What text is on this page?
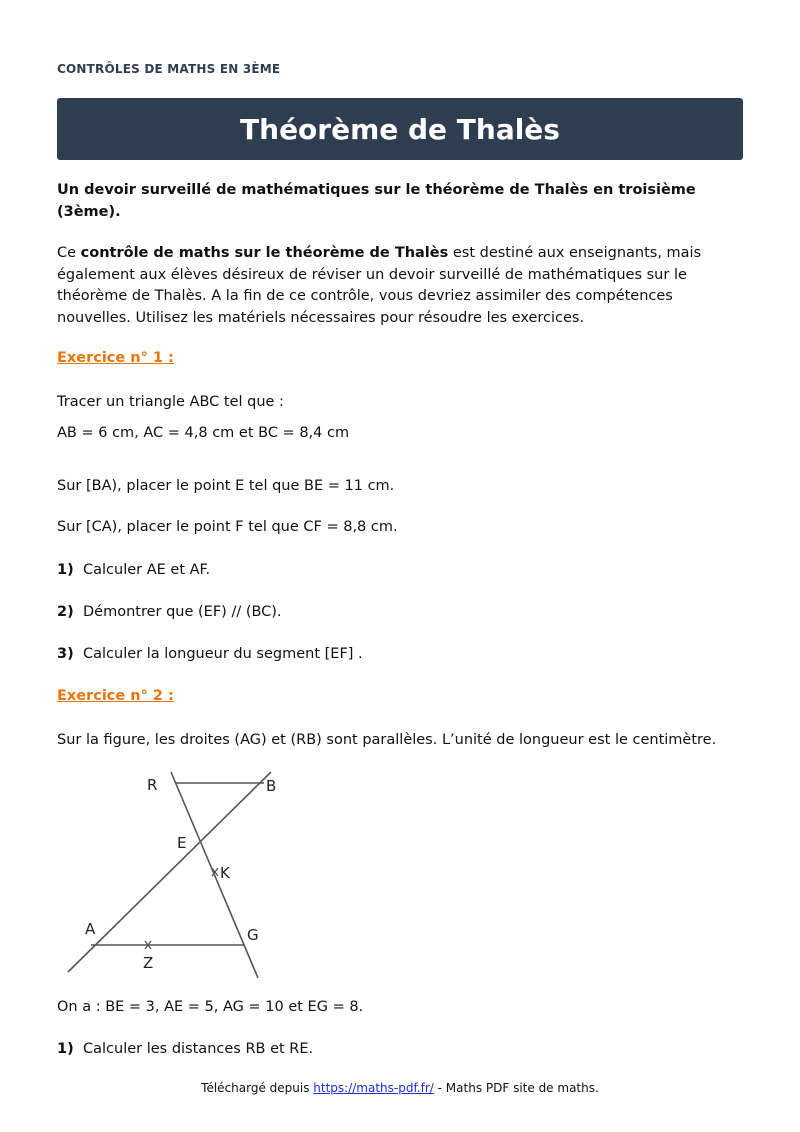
CONTRÔLES DE MATHS EN 3ÈME
Théorème de Thalès

Un devoir surveillé de mathématiques sur le théorème de Thalès en troisième (3ème).

Ce contrôle de maths sur le théorème de Thalès est destiné aux enseignants, mais également aux élèves désireux de réviser un devoir surveillé de mathématiques sur le théorème de Thalès. A la fin de ce contrôle, vous devriez assimiler des compétences nouvelles. Utilisez les matériels nécessaires pour résoudre les exercices.

Exercice n° 1 :

Tracer un triangle ABC tel que :

AB = 6 cm, AC = 4,8 cm et BC = 8,4 cm

Sur [BA), placer le point E tel que BE = 11 cm.

Sur [CA), placer le point F tel que CF = 8,8 cm.

1) Calculer AE et AF.

2) Démontrer que (EF) // (BC).

3) Calculer la longueur du segment [EF] .

Exercice n° 2 :

Sur la figure, les droites (AG) et (RB) sont parallèles. L’unité de longueur est le centimètre.

R	B
E
K
A	G
Z

On a : BE = 3, AE = 5, AG = 10 et EG = 8.

1) Calculer les distances RB et RE.

Téléchargé depuis https://maths-pdf.fr/ - Maths PDF site de maths.
